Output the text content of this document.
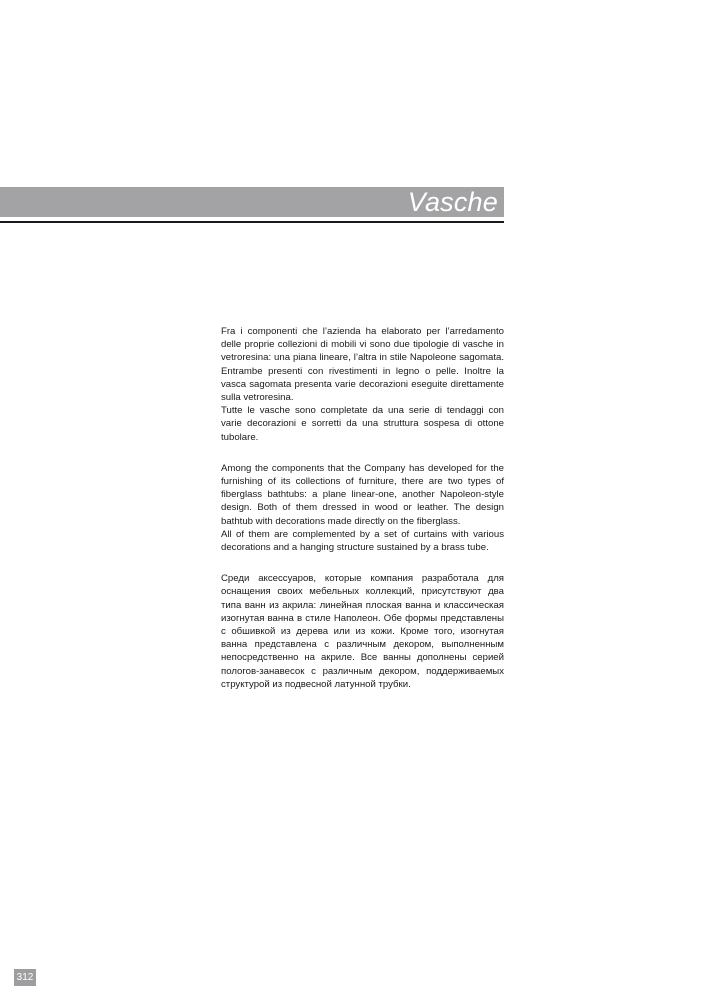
Vasche

Fra i componenti che l’azienda ha elaborato per l’arredamento delle proprie collezioni di mobili vi sono due tipologie di vasche in vetroresina: una piana lineare, l’altra in stile Napoleone sagomata. Entrambe presenti con rivestimenti in legno o pelle. Inoltre la vasca sagomata presenta varie decorazioni eseguite direttamente sulla vetroresina.
Tutte le vasche sono completate da una serie di tendaggi con varie decorazioni e sorretti da una struttura sospesa di ottone tubolare.

Among the components that the Company has developed for the furnishing of its collections of furniture, there are two types of fiberglass bathtubs: a plane linear-one, another Napoleon-style design. Both of them dressed in wood or leather. The design bathtub with decorations made directly on the fiberglass.
All of them are complemented by a set of curtains with various decorations and a hanging structure sustained by a brass tube.

Среди аксессуаров, которые компания разработала для оснащения своих мебельных коллекций, присутствуют два типа ванн из акрила: линейная плоская ванна и классическая изогнутая ванна в стиле Наполеон. Обе формы представлены с обшивкой из дерева или из кожи. Кроме того, изогнутая ванна представлена с различным декором, выполненным непосредственно на акриле. Все ванны дополнены серией пологов-занавесок с различным декором, поддерживаемых структурой из подвесной латунной трубки.

312
